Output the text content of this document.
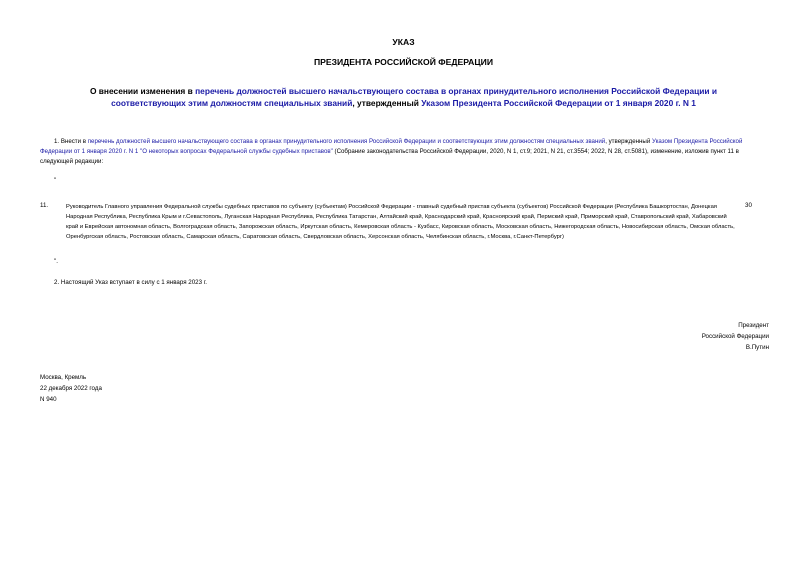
УКАЗ
ПРЕЗИДЕНТА РОССИЙСКОЙ ФЕДЕРАЦИИ
О внесении изменения в перечень должностей высшего начальствующего состава в органах принудительного исполнения Российской Федерации и соответствующих этим должностям специальных званий, утвержденный Указом Президента Российской Федерации от 1 января 2020 г. N 1
1. Внести в перечень должностей высшего начальствующего состава в органах принудительного исполнения Российской Федерации и соответствующих этим должностям специальных званий, утвержденный Указом Президента Российской Федерации от 1 января 2020 г. N 1 "О некоторых вопросах Федеральной службы судебных приставов" (Собрание законодательства Российской Федерации, 2020, N 1, ст.9; 2021, N 21, ст.3554; 2022, N 28, ст.5081), изменение, изложив пункт 11 в следующей редакции:
"
11.	Руководитель Главного управления Федеральной службы судебных приставов по субъекту (субъектам) Российской Федерации - главный судебный пристав субъекта (субъектов) Российской Федерации (Республика Башкортостан, Донецкая Народная Республика, Республика Крым и г.Севастополь, Луганская Народная Республика, Республика Татарстан, Алтайский край, Краснодарский край, Красноярский край, Пермский край, Приморский край, Ставропольский край, Хабаровский край и Еврейская автономная область, Волгоградская область, Запорожская область, Иркутская область, Кемеровская область - Кузбасс, Кировская область, Московская область, Нижегородская область, Новосибирская область, Омская область, Оренбургская область, Ростовская область, Самарская область, Саратовская область, Свердловская область, Херсонская область, Челябинская область, г.Москва, г.Санкт-Петербург)
30
".
2. Настоящий Указ вступает в силу с 1 января 2023 г.
Президент
Российской Федерации
В.Путин
Москва, Кремль
22 декабря 2022 года
N 940
